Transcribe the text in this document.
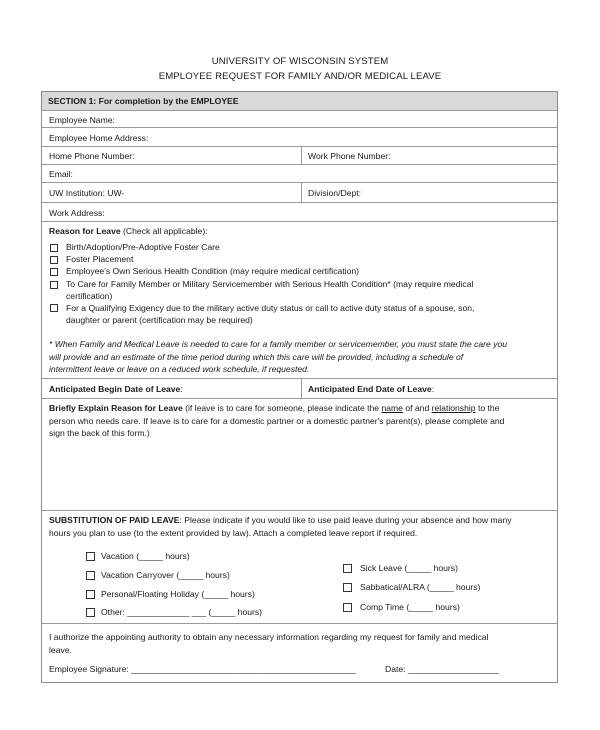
UNIVERSITY OF WISCONSIN SYSTEM
EMPLOYEE REQUEST FOR FAMILY AND/OR MEDICAL LEAVE
SECTION 1: For completion by the EMPLOYEE
Employee Name:
Employee Home Address:
Home Phone Number:	Work Phone Number:
Email:
UW Institution: UW-	Division/Dept:
Work Address:
Reason for Leave (Check all applicable):
Birth/Adoption/Pre-Adoptive Foster Care
Foster Placement
Employee's Own Serious Health Condition (may require medical certification)
To Care for Family Member or Military Servicemember with Serious Health Condition* (may require medical
certification)
For a Qualifying Exigency due to the military active duty status or call to active duty status of a spouse, son,
daughter or parent (certification may be required)
* When Family and Medical Leave is needed to care for a family member or servicemember, you must state the care you
will provide and an estimate of the time period during which this care will be provided, including a schedule of
intermittent leave or leave on a reduced work schedule, if requested.
Anticipated Begin Date of Leave:	Anticipated End Date of Leave:
Briefly Explain Reason for Leave (if leave is to care for someone, please indicate the name of and relationship to the
person who needs care. If leave is to care for a domestic partner or a domestic partner's parent(s), please complete and
sign the back of this form.)
SUBSTITUTION OF PAID LEAVE: Please indicate if you would like to use paid leave during your absence and how many
hours you plan to use (to the extent provided by law). Attach a completed leave report if required.
Vacation (_____ hours)
Vacation Carryover (_____ hours)
Personal/Floating Holiday (_____ hours)
Other: _____________ ___ (_____ hours)
Sick Leave (_____ hours)
Sabbatical/ALRA (_____ hours)
Comp Time (_____ hours)
I authorize the appointing authority to obtain any necessary information regarding my request for family and medical
leave.
Employee Signature: _______________________________________________	Date: ___________________
